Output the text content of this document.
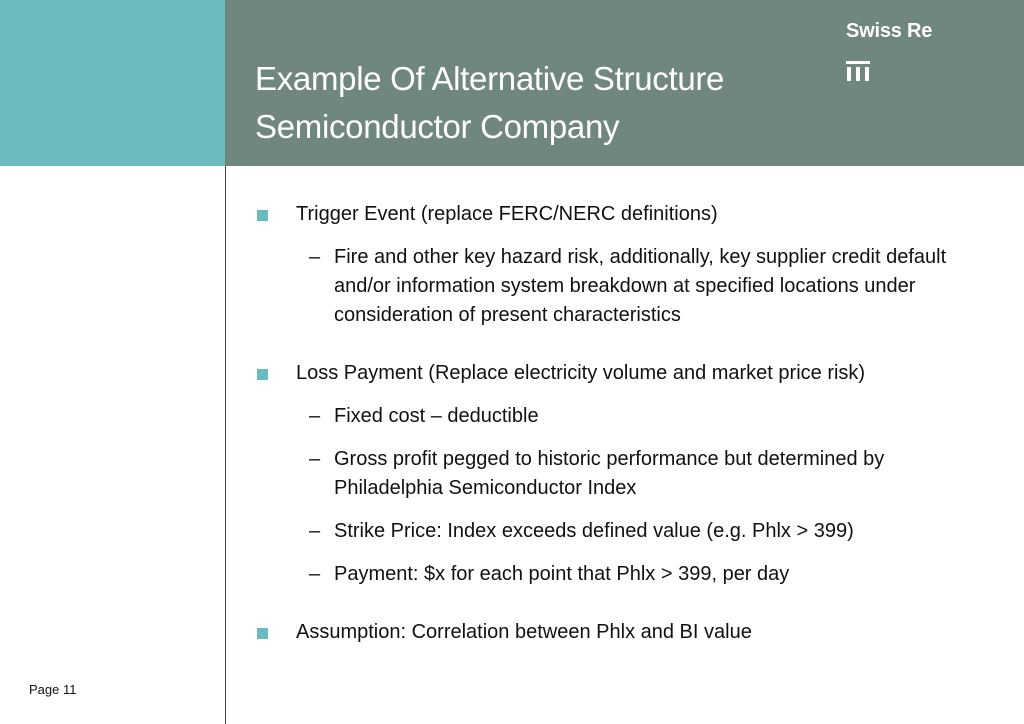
Example Of Alternative Structure
Semiconductor Company
Swiss Re
Trigger Event (replace FERC/NERC definitions)
– Fire and other key hazard risk, additionally, key supplier credit default and/or information system breakdown at specified locations under consideration of present characteristics
Loss Payment (Replace electricity volume and market price risk)
– Fixed cost – deductible
– Gross profit pegged to historic performance but determined by Philadelphia Semiconductor Index
– Strike Price: Index exceeds defined value (e.g. Phlx > 399)
– Payment: $x for each point that Phlx > 399, per day
Assumption: Correlation between Phlx and BI value
Page 11
